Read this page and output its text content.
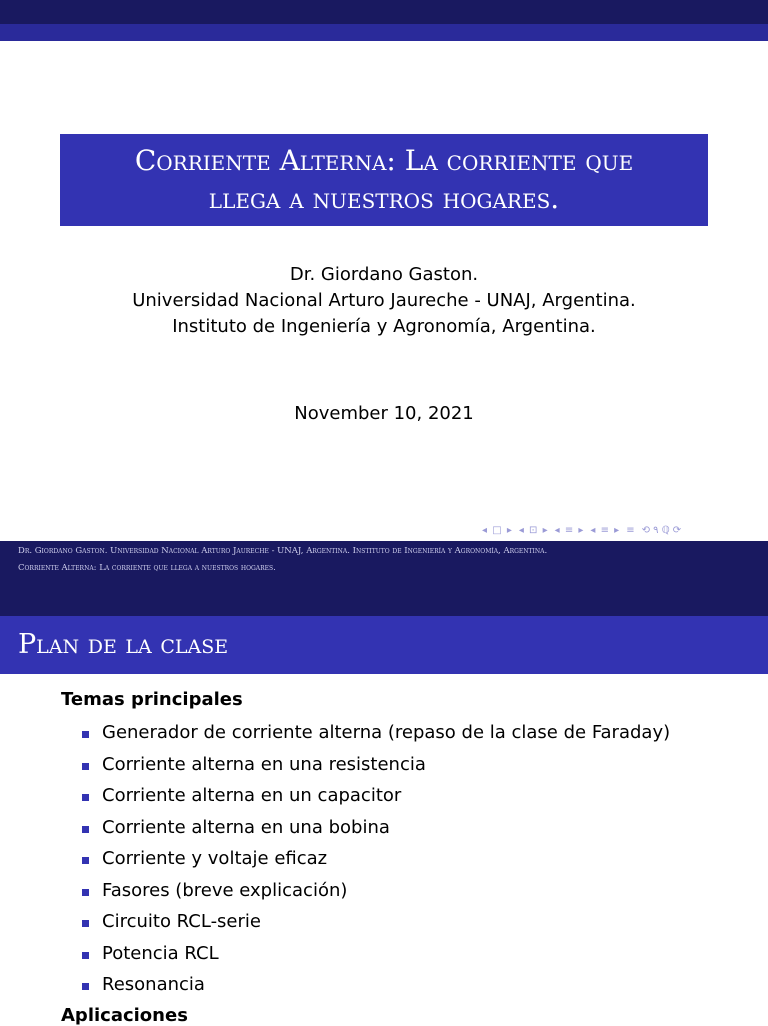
Corriente Alterna: La corriente que
llega a nuestros hogares.
Dr. Giordano Gaston.
Universidad Nacional Arturo Jaureche - UNAJ, Argentina.
Instituto de Ingeniería y Agronomía, Argentina.
November 10, 2021
◂ □ ▸ ◂ ⊡ ▸ ◂ ≡ ▸ ◂ ≡ ▸ ≡ ⟲ ۹ ℚ ⟳
Dr. Giordano Gaston. Universidad Nacional Arturo Jaureche - UNAJ, Argentina. Instituto de Ingeniería y Agronomía, Argentina.
Corriente Alterna: La corriente que llega a nuestros hogares.
Plan de la clase
Temas principales
Generador de corriente alterna (repaso de la clase de Faraday)
Corriente alterna en una resistencia
Corriente alterna en un capacitor
Corriente alterna en una bobina
Corriente y voltaje eficaz
Fasores (breve explicación)
Circuito RCL-serie
Potencia RCL
Resonancia
Aplicaciones
